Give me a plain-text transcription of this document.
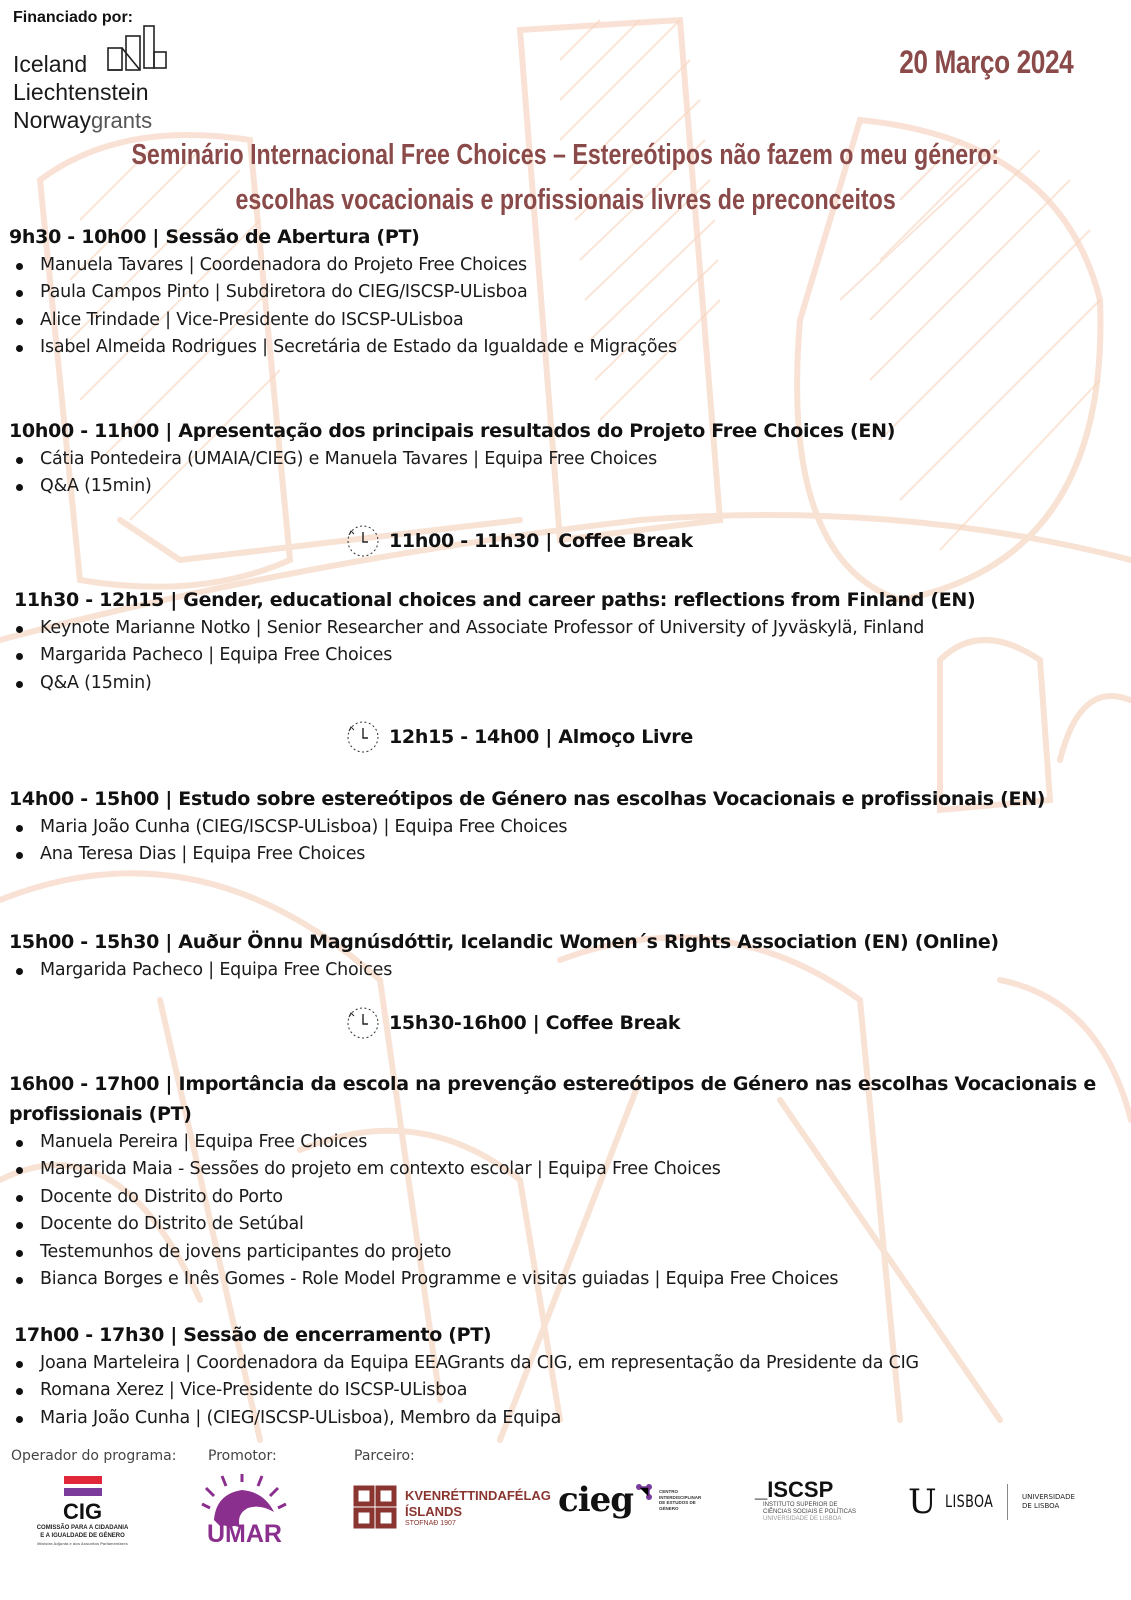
Financiado por:
Iceland
Liechtenstein
Norwaygrants
20 Março 2024
Seminário Internacional Free Choices – Estereótipos não fazem o meu género:
escolhas vocacionais e profissionais livres de preconceitos
9h30 - 10h00 | Sessão de Abertura (PT)
Manuela Tavares | Coordenadora do Projeto Free Choices
Paula Campos Pinto | Subdiretora do CIEG/ISCSP-ULisboa
Alice Trindade | Vice-Presidente do ISCSP-ULisboa
Isabel Almeida Rodrigues | Secretária de Estado da Igualdade e Migrações
10h00 - 11h00 | Apresentação dos principais resultados do Projeto Free Choices (EN)
Cátia Pontedeira (UMAIA/CIEG) e Manuela Tavares | Equipa Free Choices
Q&A (15min)
11h00 - 11h30 | Coffee Break
11h30 - 12h15 | Gender, educational choices and career paths: reflections from Finland (EN)
Keynote Marianne Notko | Senior Researcher and Associate Professor of University of Jyväskylä, Finland
Margarida Pacheco | Equipa Free Choices
Q&A (15min)
12h15 - 14h00 | Almoço Livre
14h00 - 15h00 | Estudo sobre estereótipos de Género nas escolhas Vocacionais e profissionais (EN)
Maria João Cunha (CIEG/ISCSP-ULisboa) | Equipa Free Choices
Ana Teresa Dias | Equipa Free Choices
15h00 - 15h30 | Auður Önnu Magnúsdóttir, Icelandic Women´s Rights Association (EN) (Online)
Margarida Pacheco | Equipa Free Choices
15h30-16h00 | Coffee Break
16h00 - 17h00 | Importância da escola na prevenção estereótipos de Género nas escolhas Vocacionais e profissionais (PT)
Manuela Pereira | Equipa Free Choices
Margarida Maia - Sessões do projeto em contexto escolar | Equipa Free Choices
Docente do Distrito do Porto
Docente do Distrito de Setúbal
Testemunhos de jovens participantes do projeto
Bianca Borges e Inês Gomes - Role Model Programme e visitas guiadas | Equipa Free Choices
17h00 - 17h30 | Sessão de encerramento (PT)
Joana Marteleira | Coordenadora da Equipa EEAGrants da CIG, em representação da Presidente da CIG
Romana Xerez | Vice-Presidente do ISCSP-ULisboa
Maria João Cunha | (CIEG/ISCSP-ULisboa), Membro da Equipa
Operador do programa: Promotor:	Parceiro:
CIG
COMISSÃO PARA A CIDADANIA
E A IGUALDADE DE GÉNERO
Ministra Adjunta e dos Assuntos Parlamentares	UMAR
KVENRÉTTINDAFÉLAG
ÍSLANDS
STOFNAÐ 1907
cieg	CENTRO
INTERDISCIPLINAR
DE ESTUDOS DE
GÉNERO
_ISCSP
INSTITUTO SUPERIOR DE
CIÊNCIAS SOCIAIS E POLÍTICAS
UNIVERSIDADE DE LISBOA	U LISBOA	UNIVERSIDADE
DE LISBOA
